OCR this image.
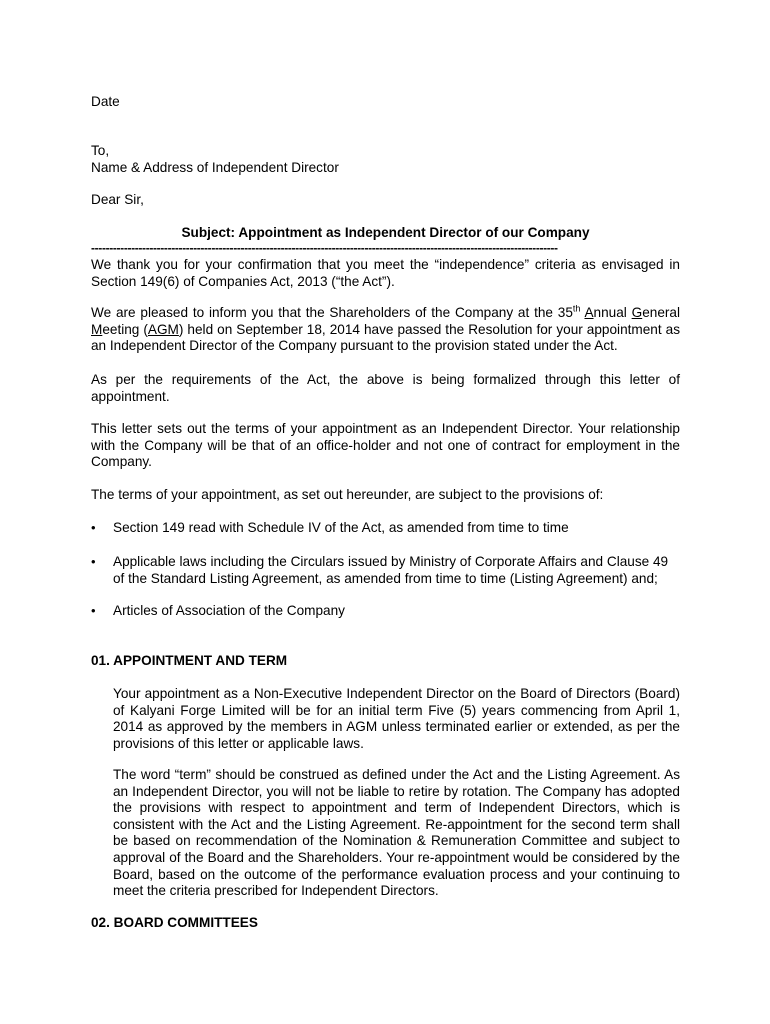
Date

To,

Name & Address of Independent Director

Dear Sir,

Subject: Appointment as Independent Director of our Company

--------------------------------------------------------------------------------------------------------------------------------

We thank you for your confirmation that you meet the “independence” criteria as envisaged in Section 149(6) of Companies Act, 2013 (“the Act”).

We are pleased to inform you that the Shareholders of the Company at the 35th Annual General Meeting (AGM) held on September 18, 2014 have passed the Resolution for your appointment as an Independent Director of the Company pursuant to the provision stated under the Act.

As per the requirements of the Act, the above is being formalized through this letter of appointment.

This letter sets out the terms of your appointment as an Independent Director. Your relationship with the Company will be that of an office-holder and not one of contract for employment in the Company.

The terms of your appointment, as set out hereunder, are subject to the provisions of:

•	Section 149 read with Schedule IV of the Act, as amended from time to time

•	Applicable laws including the Circulars issued by Ministry of Corporate Affairs and Clause 49 of the Standard Listing Agreement, as amended from time to time (Listing Agreement) and;

•	Articles of Association of the Company

01. APPOINTMENT AND TERM

Your appointment as a Non-Executive Independent Director on the Board of Directors (Board) of Kalyani Forge Limited will be for an initial term Five (5) years commencing from April 1, 2014 as approved by the members in AGM unless terminated earlier or extended, as per the provisions of this letter or applicable laws.

The word “term” should be construed as defined under the Act and the Listing Agreement. As an Independent Director, you will not be liable to retire by rotation. The Company has adopted the provisions with respect to appointment and term of Independent Directors, which is consistent with the Act and the Listing Agreement. Re-appointment for the second term shall be based on recommendation of the Nomination & Remuneration Committee and subject to approval of the Board and the Shareholders. Your re-appointment would be considered by the Board, based on the outcome of the performance evaluation process and your continuing to meet the criteria prescribed for Independent Directors.

02. BOARD COMMITTEES
